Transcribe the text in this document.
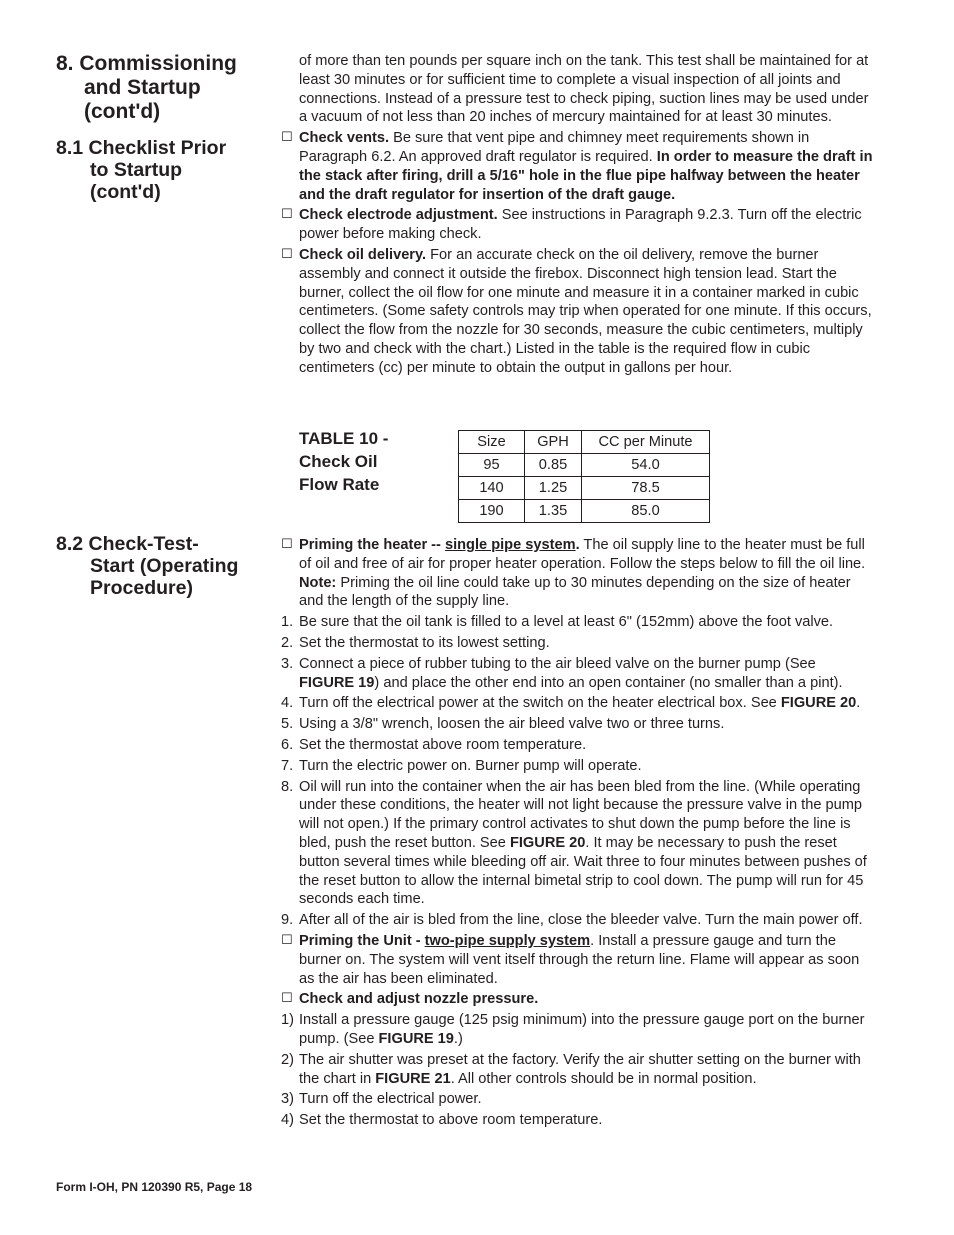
8. Commissioning
and Startup
(cont'd)
8.1 Checklist Prior
to Startup
(cont'd)
8.2 Check-Test-
Start (Operating
Procedure)

of more than ten pounds per square inch on the tank. This test shall be maintained for at least 30 minutes or for sufficient time to complete a visual inspection of all joints and connections. Instead of a pressure test to check piping, suction lines may be used under a vacuum of not less than 20 inches of mercury maintained for at least 30 minutes.

☐ Check vents. Be sure that vent pipe and chimney meet requirements shown in Paragraph 6.2. An approved draft regulator is required. In order to measure the draft in the stack after firing, drill a 5/16" hole in the flue pipe halfway between the heater and the draft regulator for insertion of the draft gauge.

☐ Check electrode adjustment. See instructions in Paragraph 9.2.3. Turn off the electric power before making check.

☐ Check oil delivery. For an accurate check on the oil delivery, remove the burner assembly and connect it outside the firebox. Disconnect high tension lead. Start the burner, collect the oil flow for one minute and measure it in a container marked in cubic centimeters. (Some safety controls may trip when operated for one minute. If this occurs, collect the flow from the nozzle for 30 seconds, measure the cubic centimeters, multiply by two and check with the chart.) Listed in the table is the required flow in cubic centimeters (cc) per minute to obtain the output in gallons per hour.

TABLE 10 -
Check Oil
Flow Rate
Size	GPH	CC per Minute
95	0.85	54.0
140	1.25	78.5
190	1.35	85.0

☐ Priming the heater -- single pipe system. The oil supply line to the heater must be full of oil and free of air for proper heater operation. Follow the steps below to fill the oil line. Note: Priming the oil line could take up to 30 minutes depending on the size of heater and the length of the supply line.

1. Be sure that the oil tank is filled to a level at least 6" (152mm) above the foot valve.

2. Set the thermostat to its lowest setting.

3. Connect a piece of rubber tubing to the air bleed valve on the burner pump (See FIGURE 19) and place the other end into an open container (no smaller than a pint).

4. Turn off the electrical power at the switch on the heater electrical box. See FIGURE 20.

5. Using a 3/8" wrench, loosen the air bleed valve two or three turns.

6. Set the thermostat above room temperature.

7. Turn the electric power on. Burner pump will operate.

8. Oil will run into the container when the air has been bled from the line. (While operating under these conditions, the heater will not light because the pressure valve in the pump will not open.) If the primary control activates to shut down the pump before the line is bled, push the reset button. See FIGURE 20. It may be necessary to push the reset button several times while bleeding off air. Wait three to four minutes between pushes of the reset button to allow the internal bimetal strip to cool down. The pump will run for 45 seconds each time.

9. After all of the air is bled from the line, close the bleeder valve. Turn the main power off.

☐ Priming the Unit - two-pipe supply system. Install a pressure gauge and turn the burner on. The system will vent itself through the return line. Flame will appear as soon as the air has been eliminated.

☐ Check and adjust nozzle pressure.

1) Install a pressure gauge (125 psig minimum) into the pressure gauge port on the burner pump. (See FIGURE 19.)

2) The air shutter was preset at the factory. Verify the air shutter setting on the burner with the chart in FIGURE 21. All other controls should be in normal position.

3) Turn off the electrical power.

4) Set the thermostat to above room temperature.

Form I-OH, PN 120390 R5, Page 18
